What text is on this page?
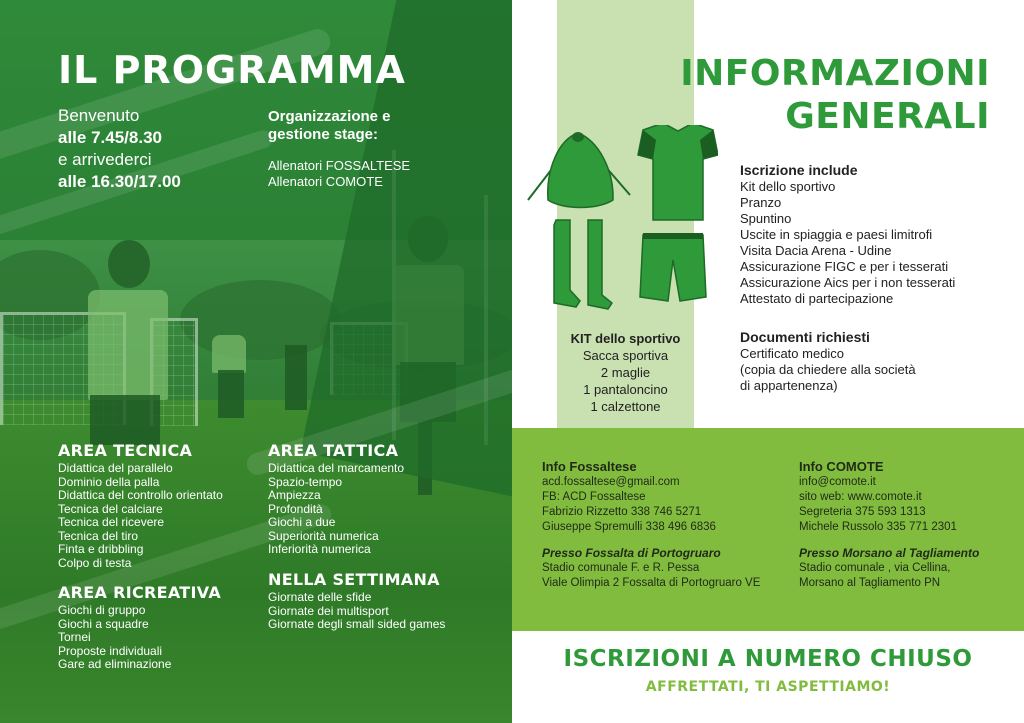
IL PROGRAMMA
Benvenuto
alle 7.45/8.30
e arrivederci
alle 16.30/17.00
Organizzazione e gestione stage:
Allenatori FOSSALTESE
Allenatori COMOTE
AREA TECNICA
Didattica del parallelo
Dominio della palla
Didattica del controllo orientato
Tecnica del calciare
Tecnica del ricevere
Tecnica del tiro
Finta e dribbling
Colpo di testa
AREA TATTICA
Didattica del marcamento
Spazio-tempo
Ampiezza
Profondità
Giochi a due
Superiorità numerica
Inferiorità numerica
AREA RICREATIVA
Giochi di gruppo
Giochi a squadre
Tornei
Proposte individuali
Gare ad eliminazione
NELLA SETTIMANA
Giornate delle sfide
Giornate dei multisport
Giornate degli small sided games
KIT dello sportivo
Sacca sportiva
2 maglie
1 pantaloncino
1 calzettone
INFORMAZIONI
GENERALI
Iscrizione include
Kit dello sportivo
Pranzo
Spuntino
Uscite in spiaggia e paesi limitrofi
Visita Dacia Arena - Udine
Assicurazione FIGC e per i tesserati
Assicurazione Aics per i non tesserati
Attestato di partecipazione
Documenti richiesti
Certificato medico
(copia da chiedere alla società
di appartenenza)
Info Fossaltese
acd.fossaltese@gmail.com
FB: ACD Fossaltese
Fabrizio Rizzetto 338 746 5271
Giuseppe Spremulli 338 496 6836
Presso Fossalta di Portogruaro
Stadio comunale F. e R. Pessa
Viale Olimpia 2 Fossalta di Portogruaro VE
Info COMOTE
info@comote.it
sito web: www.comote.it
Segreteria 375 593 1313
Michele Russolo 335 771 2301
Presso Morsano al Tagliamento
Stadio comunale , via Cellina,
Morsano al Tagliamento PN
ISCRIZIONI A NUMERO CHIUSO
AFFRETTATI, TI ASPETTIAMO!
